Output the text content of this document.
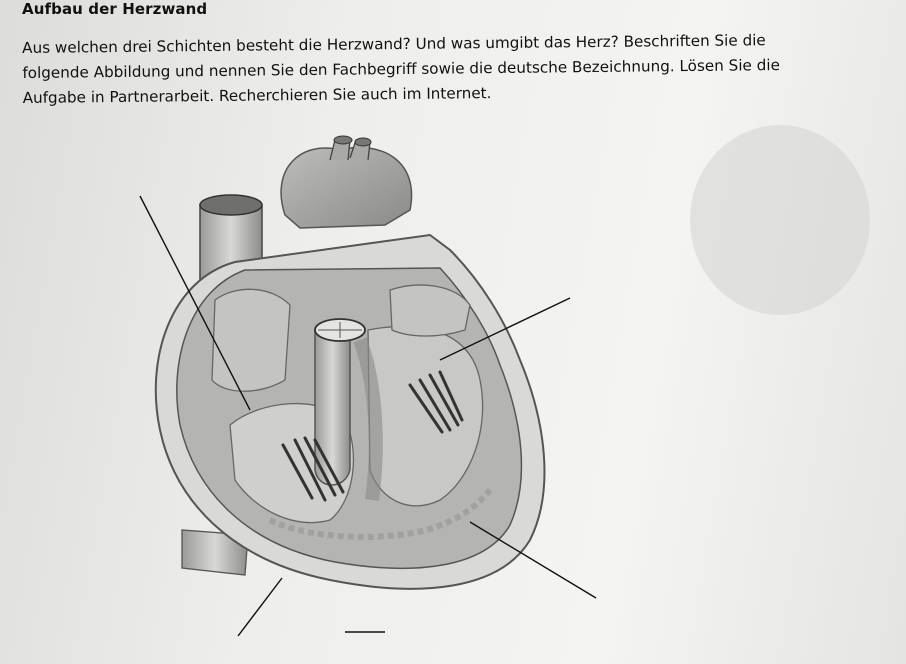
Aufbau der Herzwand
Aus welchen drei Schichten besteht die Herzwand? Und was umgibt das Herz? Beschriften Sie die
folgende Abbildung und nennen Sie den Fachbegriff sowie die deutsche Bezeichnung. Lösen Sie die
Aufgabe in Partnerarbeit. Recherchieren Sie auch im Internet.
